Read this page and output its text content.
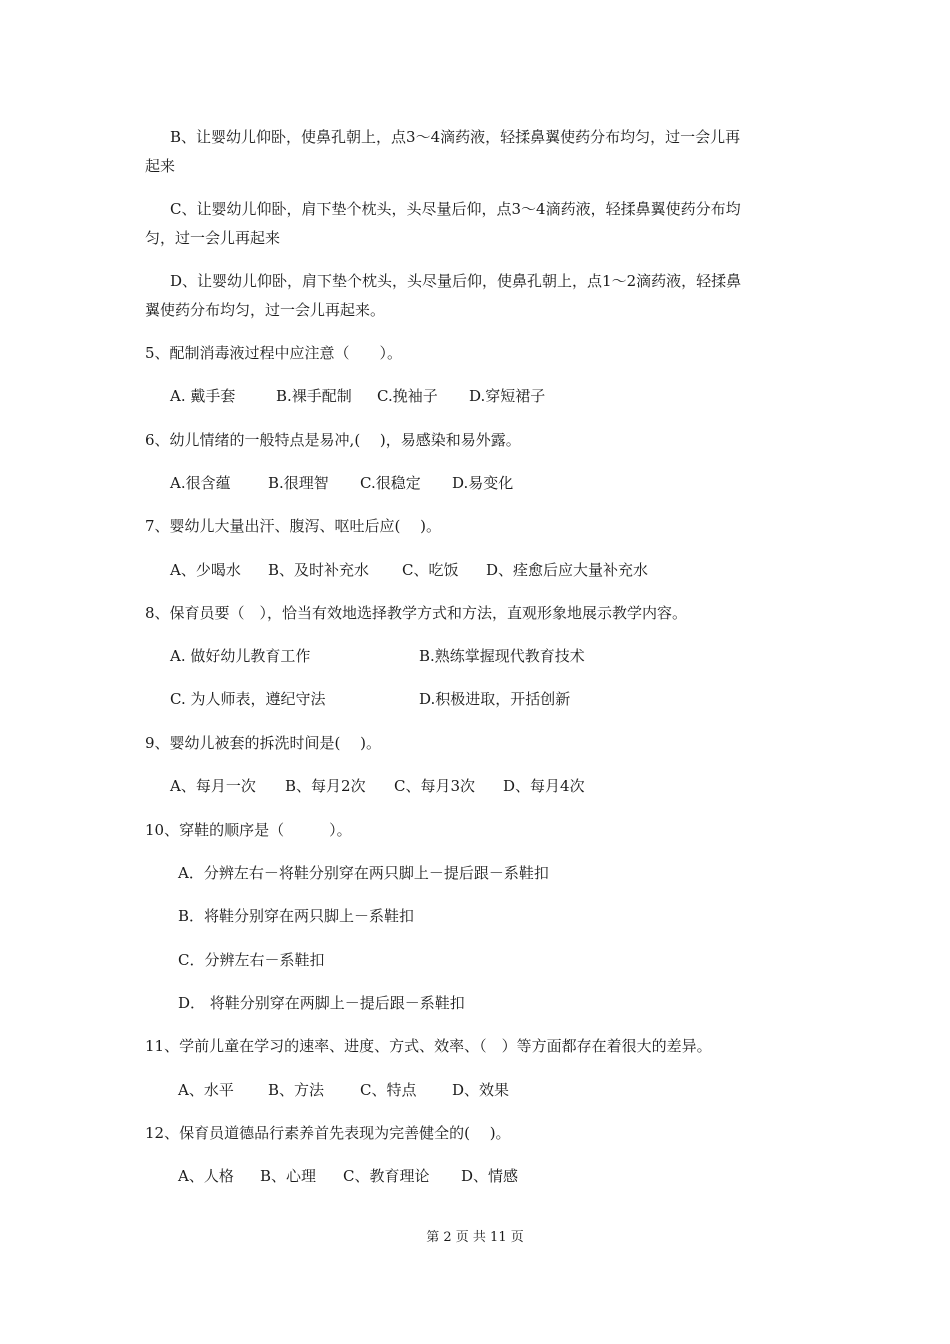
B、让婴幼儿仰卧，使鼻孔朝上，点3～4滴药液，轻揉鼻翼使药分布均匀，过一会儿再
起来
C、让婴幼儿仰卧，肩下垫个枕头，头尽量后仰，点3～4滴药液，轻揉鼻翼使药分布均
匀，过一会儿再起来
D、让婴幼儿仰卧，肩下垫个枕头，头尽量后仰，使鼻孔朝上，点1～2滴药液，轻揉鼻
翼使药分布均匀，过一会儿再起来。
5、配制消毒液过程中应注意（　　）。
A. 戴手套	B.裸手配制 C.挽袖子 D.穿短裙子
6、幼儿情绪的一般特点是易冲,(　 )，易感染和易外露。
A.很含蕴 B.很理智 C.很稳定 D.易变化
7、婴幼儿大量出汗、腹泻、呕吐后应(　 )。
A、少喝水 B、及时补充水 C、吃饭 D、痊愈后应大量补充水
8、保育员要（　），恰当有效地选择教学方式和方法，直观形象地展示教学内容。
A. 做好幼儿教育工作	B.熟练掌握现代教育技术
C. 为人师表，遵纪守法	D.积极进取，开括创新
9、婴幼儿被套的拆洗时间是(　 )。
A、每月一次 B、每月2次 C、每月3次 D、每月4次
10、穿鞋的顺序是（　　　）。
A．分辨左右－将鞋分别穿在两只脚上－提后跟－系鞋扣
B．将鞋分别穿在两只脚上－系鞋扣
C．分辨左右－系鞋扣
D． 将鞋分别穿在两脚上－提后跟－系鞋扣
11、学前儿童在学习的速率、进度、方式、效率、（　）等方面都存在着很大的差异。
A、水平 B、方法 C、特点 D、效果
12、保育员道德品行素养首先表现为完善健全的(　 )。
A、人格 B、心理 C、教育理论 D、情感
第 2 页 共 11 页
